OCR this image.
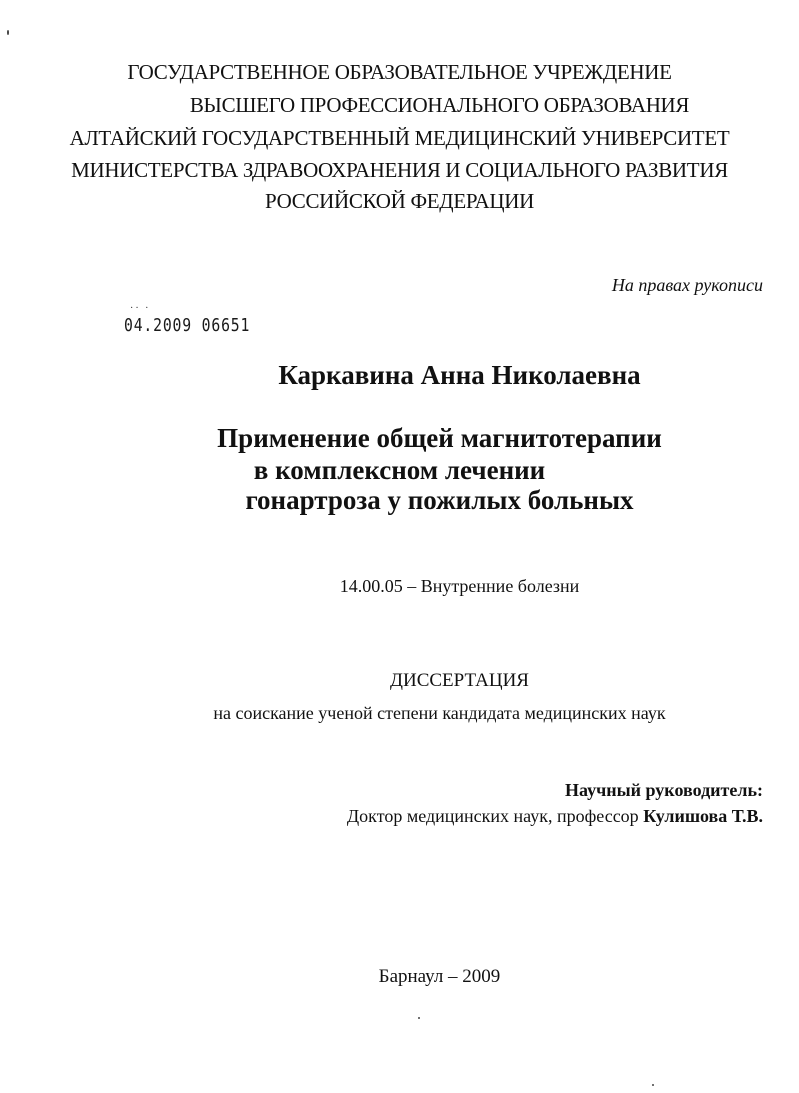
ГОСУДАРСТВЕННОЕ ОБРАЗОВАТЕЛЬНОЕ УЧРЕЖДЕНИЕ
ВЫСШЕГО ПРОФЕССИОНАЛЬНОГО ОБРАЗОВАНИЯ
АЛТАЙСКИЙ ГОСУДАРСТВЕННЫЙ МЕДИЦИНСКИЙ УНИВЕРСИТЕТ
МИНИСТЕРСТВА ЗДРАВООХРАНЕНИЯ И СОЦИАЛЬНОГО РАЗВИТИЯ
РОССИЙСКОЙ ФЕДЕРАЦИИ
На правах рукописи
·· ·
04.2009 06651
Каркавина Анна Николаевна
Применение общей магнитотерапии
в комплексном лечении
гонартроза у пожилых больных
14.00.05 – Внутренние болезни
ДИССЕРТАЦИЯ
на соискание ученой степени кандидата медицинских наук
Научный руководитель:
Доктор медицинских наук, профессор Кулишова Т.В.
Барнаул – 2009
